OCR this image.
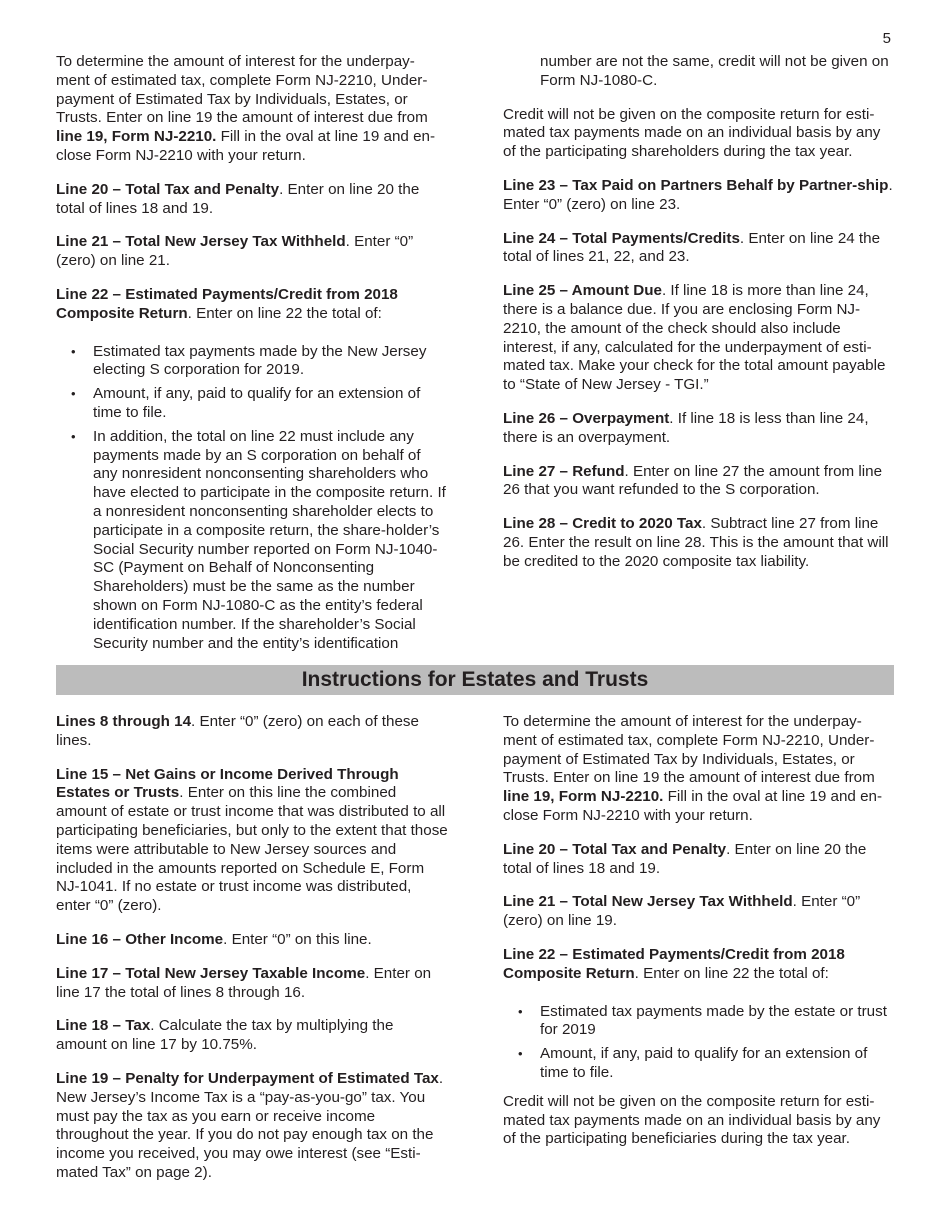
5

To determine the amount of interest for the underpay-ment of estimated tax, complete Form NJ-2210, Under-payment of Estimated Tax by Individuals, Estates, or Trusts. Enter on line 19 the amount of interest due from line 19, Form NJ-2210. Fill in the oval at line 19 and en-close Form NJ-2210 with your return.

Line 20 – Total Tax and Penalty. Enter on line 20 the total of lines 18 and 19.

Line 21 – Total New Jersey Tax Withheld. Enter “0” (zero) on line 21.

Line 22 – Estimated Payments/Credit from 2018 Composite Return. Enter on line 22 the total of:

• Estimated tax payments made by the New Jersey electing S corporation for 2019.
• Amount, if any, paid to qualify for an extension of time to file.
• In addition, the total on line 22 must include any payments made by an S corporation on behalf of any nonresident nonconsenting shareholders who have elected to participate in the composite return. If a nonresident nonconsenting shareholder elects to participate in a composite return, the share-holder’s Social Security number reported on Form NJ-1040-SC (Payment on Behalf of Nonconsenting Shareholders) must be the same as the number shown on Form NJ-1080-C as the entity’s federal identification number. If the shareholder’s Social Security number and the entity’s identification

number are not the same, credit will not be given on Form NJ-1080-C.

Credit will not be given on the composite return for esti-mated tax payments made on an individual basis by any of the participating shareholders during the tax year.

Line 23 – Tax Paid on Partners Behalf by Partner-ship. Enter “0” (zero) on line 23.

Line 24 – Total Payments/Credits. Enter on line 24 the total of lines 21, 22, and 23.

Line 25 – Amount Due. If line 18 is more than line 24, there is a balance due. If you are enclosing Form NJ-2210, the amount of the check should also include interest, if any, calculated for the underpayment of esti-mated tax. Make your check for the total amount payable to “State of New Jersey - TGI.”

Line 26 – Overpayment. If line 18 is less than line 24, there is an overpayment.

Line 27 – Refund. Enter on line 27 the amount from line 26 that you want refunded to the S corporation.

Line 28 – Credit to 2020 Tax. Subtract line 27 from line 26. Enter the result on line 28. This is the amount that will be credited to the 2020 composite tax liability.

Instructions for Estates and Trusts

Lines 8 through 14. Enter “0” (zero) on each of these lines.

Line 15 – Net Gains or Income Derived Through Estates or Trusts. Enter on this line the combined amount of estate or trust income that was distributed to all participating beneficiaries, but only to the extent that those items were attributable to New Jersey sources and included in the amounts reported on Schedule E, Form NJ-1041. If no estate or trust income was distributed, enter “0” (zero).

Line 16 – Other Income. Enter “0” on this line.

Line 17 – Total New Jersey Taxable Income. Enter on line 17 the total of lines 8 through 16.

Line 18 – Tax. Calculate the tax by multiplying the amount on line 17 by 10.75%.

Line 19 – Penalty for Underpayment of Estimated Tax. New Jersey’s Income Tax is a “pay-as-you-go” tax. You must pay the tax as you earn or receive income throughout the year. If you do not pay enough tax on the income you received, you may owe interest (see “Esti-mated Tax” on page 2).

To determine the amount of interest for the underpay-ment of estimated tax, complete Form NJ-2210, Under-payment of Estimated Tax by Individuals, Estates, or Trusts. Enter on line 19 the amount of interest due from line 19, Form NJ-2210. Fill in the oval at line 19 and en-close Form NJ-2210 with your return.

Line 20 – Total Tax and Penalty. Enter on line 20 the total of lines 18 and 19.

Line 21 – Total New Jersey Tax Withheld. Enter “0” (zero) on line 19.

Line 22 – Estimated Payments/Credit from 2018 Composite Return. Enter on line 22 the total of:

• Estimated tax payments made by the estate or trust for 2019
• Amount, if any, paid to qualify for an extension of time to file.

Credit will not be given on the composite return for esti-mated tax payments made on an individual basis by any of the participating beneficiaries during the tax year.
